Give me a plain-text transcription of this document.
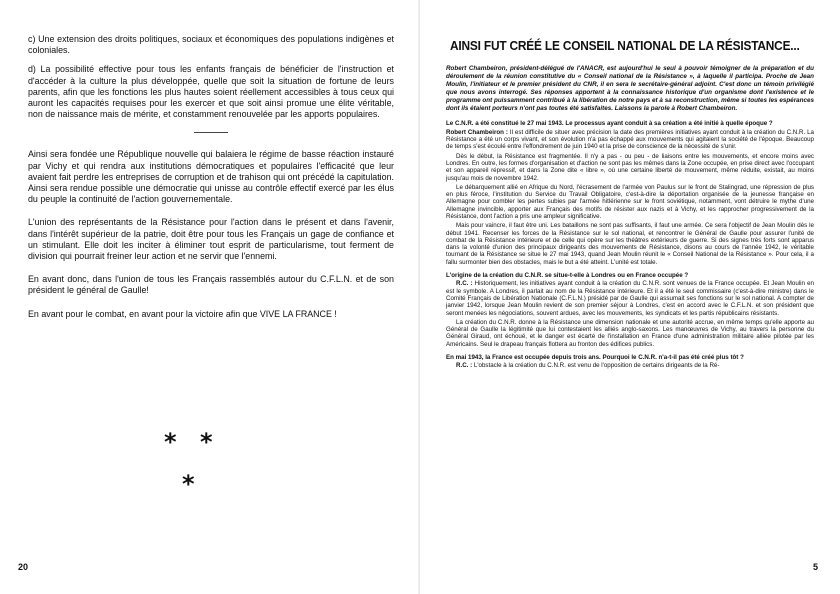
c) Une extension des droits politiques, sociaux et économiques des populations indigènes et coloniales.

d) La possibilité effective pour tous les enfants français de bénéficier de l'instruction et d'accéder à la culture la plus développée, quelle que soit la situation de fortune de leurs parents, afin que les fonctions les plus hautes soient réellement accessibles à tous ceux qui auront les capacités requises pour les exercer et que soit ainsi promue une élite véritable, non de naissance mais de mérite, et constamment renouvelée par les apports populaires.

Ainsi sera fondée une République nouvelle qui balaiera le régime de basse réaction instauré par Vichy et qui rendra aux institutions démocratiques et populaires l'efficacité que leur avaient fait perdre les entreprises de corruption et de trahison qui ont précédé la capitulation. Ainsi sera rendue possible une démocratie qui unisse au contrôle effectif exercé par les élus du peuple la continuité de l'action gouvernementale.

L'union des représentants de la Résistance pour l'action dans le présent et dans l'avenir, dans l'intérêt supérieur de la patrie, doit être pour tous les Français un gage de confiance et un stimulant. Elle doit les inciter à éliminer tout esprit de particularisme, tout ferment de division qui pourrait freiner leur action et ne servir que l'ennemi.

En avant donc, dans l'union de tous les Français rassemblés autour du C.F.L.N. et de son président le général de Gaulle!

En avant pour le combat, en avant pour la victoire afin que VIVE LA FRANCE !

* *
*
20
AINSI FUT CRÉÉ LE CONSEIL NATIONAL DE LA RÉSISTANCE...

Robert Chambeiron, président-délégué de l'ANACR, est aujourd'hui le seul à pouvoir témoigner de la préparation et du déroulement de la réunion constitutive du « Conseil national de la Résistance », à laquelle il participa. Proche de Jean Moulin, l'initiateur et le premier président du CNR, il en sera le secrétaire-général adjoint. C'est donc un témoin privilégié que nous avons interrogé. Ses réponses apportent à la connaissance historique d'un organisme dont l'existence et le programme ont puissamment contribué à la libération de notre pays et à sa reconstruction, même si toutes les espérances dont ils étaient porteurs n'ont pas toutes été satisfaites. Laissons la parole à Robert Chambeiron.

Le C.N.R. a été constitué le 27 mai 1943. Le processus ayant conduit à sa création a été initié à quelle époque ?

Robert Chambeiron : Il est difficile de situer avec précision la date des premières initiatives ayant conduit à la création du C.N.R. La Résistance a été un corps vivant, et son évolution n'a pas échappé aux mouvements qui agitaient la société de l'époque. Beaucoup de temps s'est écoulé entre l'effondrement de juin 1940 et la prise de conscience de la nécessité de s'unir.

Dès le début, la Résistance est fragmentée. Il n'y a pas - ou peu - de liaisons entre les mouvements, et encore moins avec Londres. En outre, les formes d'organisation et d'action ne sont pas les mêmes dans la Zone occupée, en prise direct avec l'occupant et son appareil répressif, et dans la Zone dite « libre », où une certaine liberté de mouvement, même réduite, existait, au moins jusqu'au mois de novembre 1942.

Le débarquement allié en Afrique du Nord, l'écrasement de l'armée von Paulus sur le front de Stalingrad, une répression de plus en plus féroce, l'institution du Service du Travail Obligatoire, c'est-à-dire la déportation organisée de la jeunesse française en Allemagne pour combler les pertes subies par l'armée hitlérienne sur le front soviétique, notamment, vont détruire le mythe d'une Allemagne invincible, apporter aux Français des motifs de résister aux nazis et à Vichy, et les rapprocher progressivement de la Résistance, dont l'action a pris une ampleur significative.

Mais pour vaincre, il faut être uni. Les bataillons ne sont pas suffisants, il faut une armée. Ce sera l'objectif de Jean Moulin dès le début 1941. Recenser les forces de la Résistance sur le sol national, et rencontrer le Général de Gaulle pour assurer l'unité de combat de la Résistance intérieure et de celle qui opère sur les théâtres extérieurs de guerre. Si des signes très forts sont apparus dans la volonté d'union des principaux dirigeants des mouvements de Résistance, disons au cours de l'année 1942, le véritable tournant de la Résistance se situe le 27 mai 1943, quand Jean Moulin réunit le « Conseil National de la Résistance ». Pour cela, il a fallu surmonter bien des obstacles, mais le but a été atteint. L'unité est totale.

L'origine de la création du C.N.R. se situe-t-elle à Londres ou en France occupée ?

R.C. : Historiquement, les initiatives ayant conduit à la création du C.N.R. sont venues de la France occupée. Et Jean Moulin en est le symbole. A Londres, il parlait au nom de la Résistance intérieure. Et il a été le seul commissaire (c'est-à-dire ministre) dans le Comité Français de Libération Nationale (C.F.L.N.) présidé par de Gaulle qui assumait ses fonctions sur le sol national. A compter de janvier 1942, lorsque Jean Moulin revient de son premier séjour à Londres, c'est en accord avec le C.F.L.N. et son président que seront menées les négociations, souvent ardues, avec les mouvements, les syndicats et les partis républicains résistants.

La création du C.N.R. donne à la Résistance une dimension nationale et une autorité accrue, en même temps qu'elle apporte au Général de Gaulle la légitimité que lui contestaient les alliés anglo-saxons. Les manœuvres de Vichy, au travers la personne du Général Giraud, ont échoué, et le danger est écarté de l'installation en France d'une administration militaire alliée pilotée par les Américains. Seul le drapeau français flottera au fronton des édifices publics.

En mai 1943, la France est occupée depuis trois ans. Pourquoi le C.N.R. n'a-t-il pas été créé plus tôt ?

R.C. : L'obstacle à la création du C.N.R. est venu de l'opposition de certains dirigeants de la Ré-

5
